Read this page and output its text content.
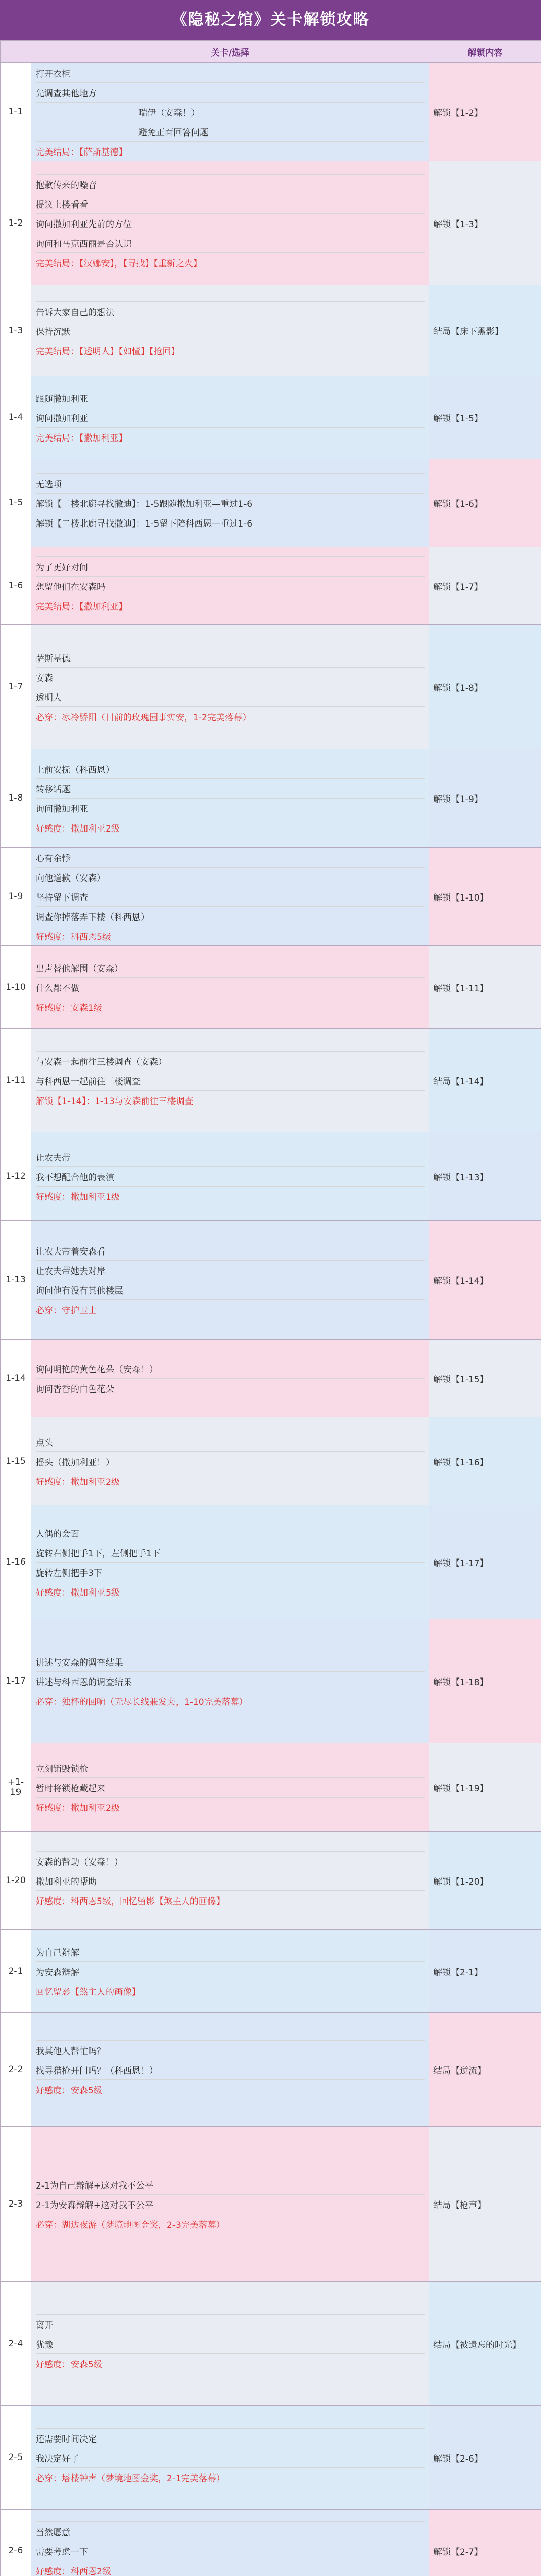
《隐秘之馆》关卡解锁攻略
	关卡/选择	解锁内容
1-1	打开衣柜
先调查其他地方
瑞伊（安森！）
避免正面回答问题
完美结局：【萨斯基德】	解锁【1-2】
1-2	抱歉传来的噪音
提议上楼看看
询问撒加利亚先前的方位
询问和马克西丽是否认识
完美结局：【汉娜安】，【寻找】【重新之火】	解锁【1-3】
1-3	告诉大家自己的想法
保持沉默
完美结局：【透明人】【如懂】【抢回】	结局【床下黑影】
1-4	跟随撒加利亚
询问撒加利亚
完美结局：【撒加利亚】	解锁【1-5】
1-5	无选项
解锁【二楼北廊寻找撒迪】：1-5跟随撒加利亚—重过1-6
解锁【二楼北廊寻找撒迪】：1-5留下陪科西恩—重过1-6	解锁【1-6】
1-6	为了更好对间
想留他们在安森吗
完美结局：【撒加利亚】	解锁【1-7】
1-7	萨斯基德
安森
透明人
必穿：冰冷骄阳（目前的玫瑰园事实安，1-2完美落幕）	解锁【1-8】
1-8	上前安抚（科西恩）
转移话题
询问撒加利亚
好感度：撒加利亚2级	解锁【1-9】
1-9	心有余悸
向他道歉（安森）
坚持留下调查
调查你掉落弄下楼（科西恩）
好感度：科西恩5级	解锁【1-10】
1-10	出声替他解围（安森）
什么都不做
好感度：安森1级	解锁【1-11】
1-11	与安森一起前往三楼调查（安森）
与科西恩一起前往三楼调查
解锁【1-14】：1-13与安森前往三楼调查	结局【1-14】
1-12	让农夫带
我不想配合他的表演
好感度：撒加利亚1级	解锁【1-13】
1-13	让农夫带着安森看
让农夫带她去对岸
询问他有没有其他楼层
必穿：守护卫士	解锁【1-14】
1-14	询问明艳的黄色花朵（安森！）
询问香香的白色花朵	解锁【1-15】
1-15	点头
摇头（撒加利亚！）
好感度：撒加利亚2级	解锁【1-16】
1-16	人偶的会面
旋转右侧把手1下，左侧把手1下
旋转左侧把手3下
好感度：撒加利亚5级	解锁【1-17】
1-17	讲述与安森的调查结果
讲述与科西恩的调查结果
必穿：独杯的回响（无尽长线兼发夹，1-10完美落幕）	解锁【1-18】
+1-19	立刻销毁锁枪
暂时将锁枪藏起来
好感度：撒加利亚2级	解锁【1-19】
1-20	安森的帮助（安森！）
撒加利亚的帮助
好感度：科西恩5级，回忆留影【煞主人的画像】	解锁【1-20】
2-1	为自己辩解
为安森辩解
回忆留影【煞主人的画像】	解锁【2-1】
2-2	我其他人帮忙吗？
找寻猎枪开门吗？（科西恩！）
好感度：安森5级	结局【逆流】
2-3	2-1为自己辩解+这对我不公平
2-1为安森辩解+这对我不公平
必穿：湖边夜游（梦境地图金奖，2-3完美落幕）	结局【枪声】
2-4	离开
犹豫
好感度：安森5级	结局【被遗忘的时光】
2-5	还需要时间决定
我决定好了
必穿：塔楼钟声（梦境地图金奖，2-1完美落幕）	解锁【2-6】
2-6	当然愿意
需要考虑一下
好感度：科西恩2级	解锁【2-7】
